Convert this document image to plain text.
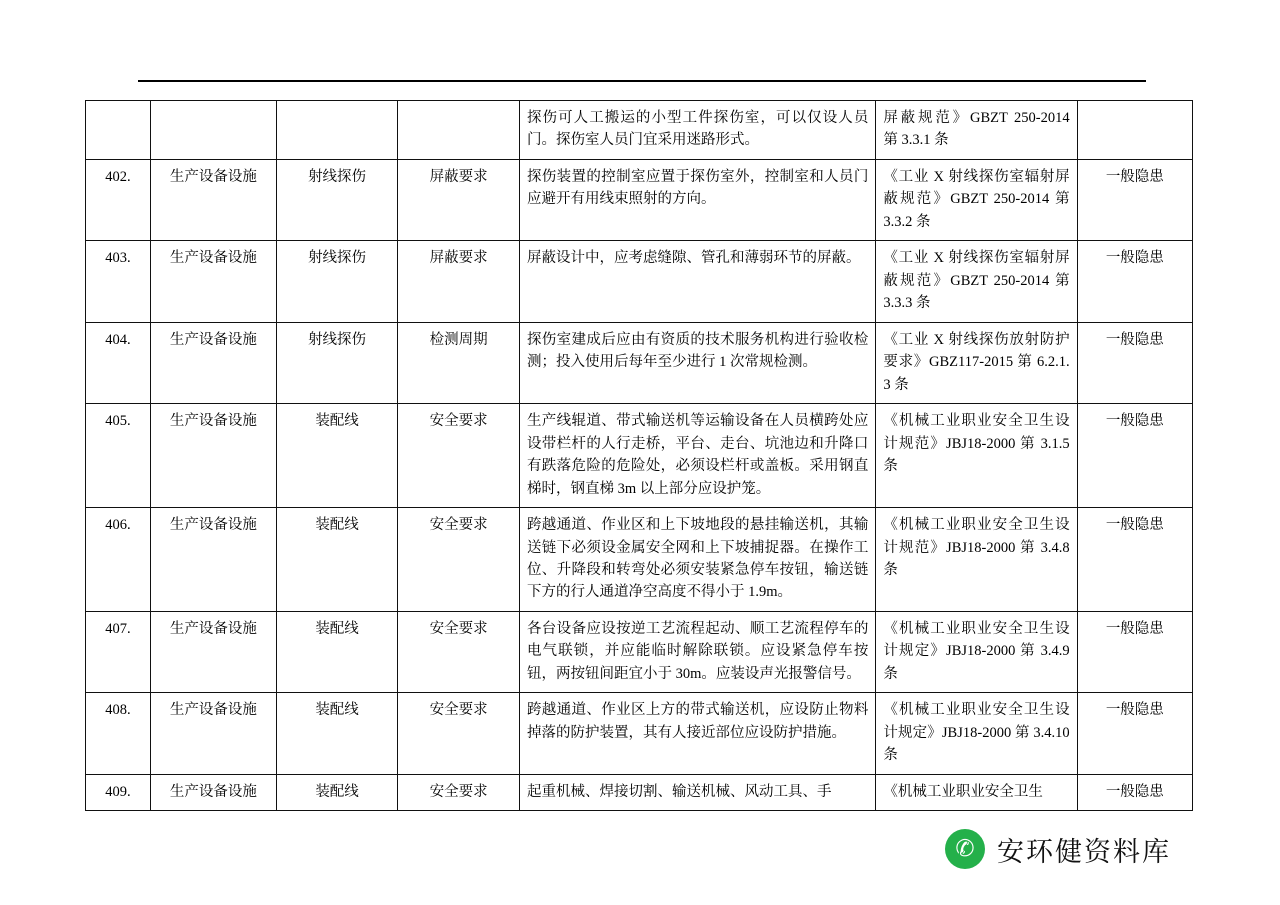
				探伤可人工搬运的小型工件探伤室，可以仅设人员门。探伤室人员门宜采用迷路形式。	屏蔽规范》GBZT 250-2014 第 3.3.1 条	
402.	生产设备设施	射线探伤	屏蔽要求	探伤装置的控制室应置于探伤室外，控制室和人员门应避开有用线束照射的方向。	《工业 X 射线探伤室辐射屏蔽规范》GBZT 250-2014 第 3.3.2 条	一般隐患
403.	生产设备设施	射线探伤	屏蔽要求	屏蔽设计中，应考虑缝隙、管孔和薄弱环节的屏蔽。	《工业 X 射线探伤室辐射屏蔽规范》GBZT 250-2014 第 3.3.3 条	一般隐患
404.	生产设备设施	射线探伤	检测周期	探伤室建成后应由有资质的技术服务机构进行验收检测；投入使用后每年至少进行 1 次常规检测。	《工业 X 射线探伤放射防护要求》GBZ117-2015 第 6.2.1.3 条	一般隐患
405.	生产设备设施	装配线	安全要求	生产线辊道、带式输送机等运输设备在人员横跨处应设带栏杆的人行走桥，平台、走台、坑池边和升降口有跌落危险的危险处，必须设栏杆或盖板。采用钢直梯时，钢直梯 3m 以上部分应设护笼。	《机械工业职业安全卫生设计规范》JBJ18-2000 第 3.1.5 条	一般隐患
406.	生产设备设施	装配线	安全要求	跨越通道、作业区和上下坡地段的悬挂输送机，其输送链下必须设金属安全网和上下坡捕捉器。在操作工位、升降段和转弯处必须安装紧急停车按钮，输送链下方的行人通道净空高度不得小于 1.9m。	《机械工业职业安全卫生设计规范》JBJ18-2000 第 3.4.8 条	一般隐患
407.	生产设备设施	装配线	安全要求	各台设备应设按逆工艺流程起动、顺工艺流程停车的电气联锁，并应能临时解除联锁。应设紧急停车按钮，两按钮间距宜小于 30m。应装设声光报警信号。	《机械工业职业安全卫生设计规定》JBJ18-2000 第 3.4.9 条	一般隐患
408.	生产设备设施	装配线	安全要求	跨越通道、作业区上方的带式输送机，应设防止物料掉落的防护装置，其有人接近部位应设防护措施。	《机械工业职业安全卫生设计规定》JBJ18-2000 第 3.4.10 条	一般隐患
409.	生产设备设施	装配线	安全要求	起重机械、焊接切割、输送机械、风动工具、手	《机械工业职业安全卫生	一般隐患
✆ 安环健资料库
